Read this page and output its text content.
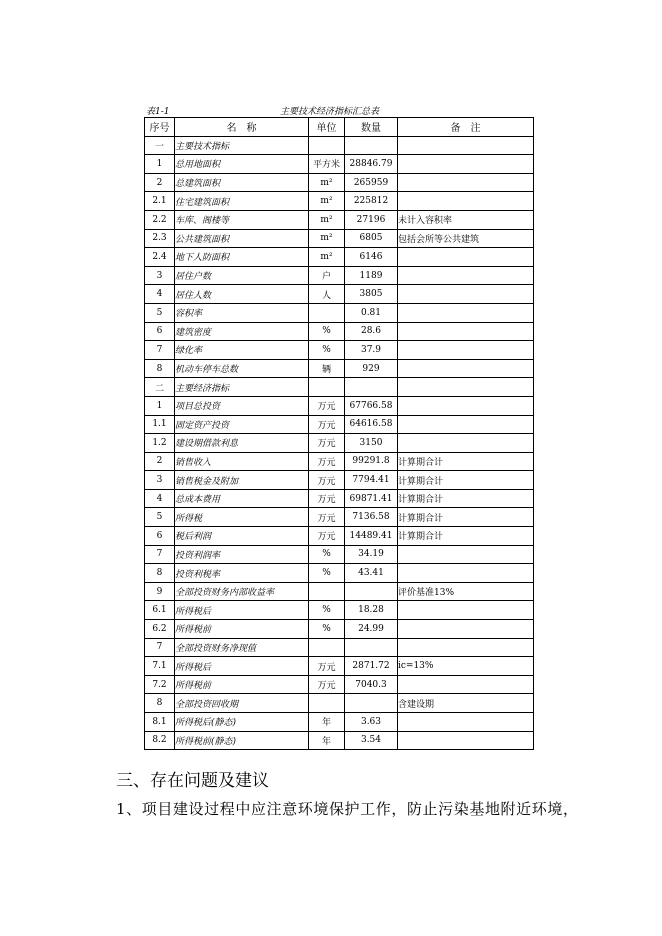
表1-1	主要技术经济指标汇总表
序号	名　称	单位	数量	备　注
一	主要技术指标			
1	总用地面积	平方米	28846.79	
2	总建筑面积	m²	265959	
2.1	住宅建筑面积	m²	225812	
2.2	车库、阁楼等	m²	27196	未计入容积率
2.3	公共建筑面积	m²	6805	包括会所等公共建筑
2.4	地下人防面积	m²	6146	
3	居住户数	户	1189	
4	居住人数	人	3805	
5	容积率		0.81	
6	建筑密度	%	28.6	
7	绿化率	%	37.9	
8	机动车停车总数	辆	929	
二	主要经济指标			
1	项目总投资	万元	67766.58	
1.1	固定资产投资	万元	64616.58	
1.2	建设期借款利息	万元	3150	
2	销售收入	万元	99291.8	计算期合计
3	销售税金及附加	万元	7794.41	计算期合计
4	总成本费用	万元	69871.41	计算期合计
5	所得税	万元	7136.58	计算期合计
6	税后利润	万元	14489.41	计算期合计
7	投资利润率	%	34.19	
8	投资利税率	%	43.41	
9	全部投资财务内部收益率			评价基准13%
6.1	所得税后	%	18.28	
6.2	所得税前	%	24.99	
7	全部投资财务净现值			
7.1	所得税后	万元	2871.72	ic=13%
7.2	所得税前	万元	7040.3	
8	全部投资回收期			含建设期
8.1	所得税后(静态)	年	3.63	
8.2	所得税前(静态)	年	3.54	
三、存在问题及建议
1、项目建设过程中应注意环境保护工作，防止污染基地附近环境，
